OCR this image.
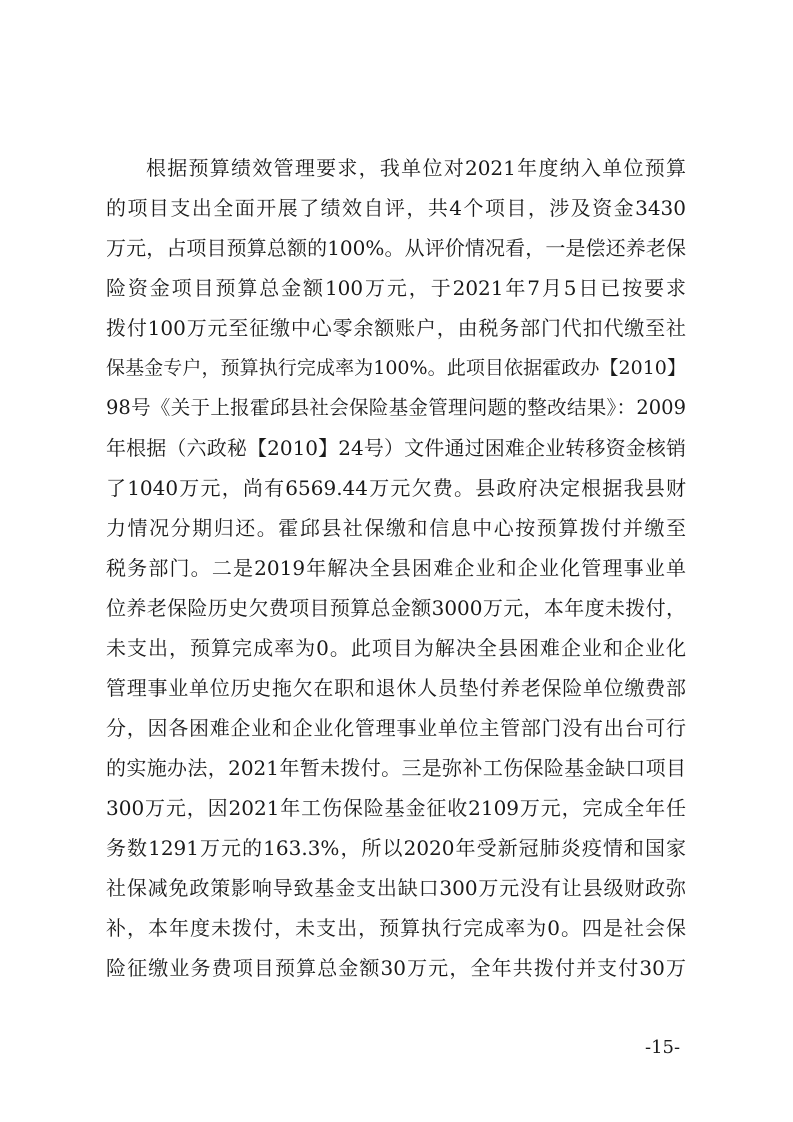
根据预算绩效管理要求，我单位对2021年度纳入单位预算
的项目支出全面开展了绩效自评，共4个项目，涉及资金3430
万元，占项目预算总额的100%。从评价情况看，一是偿还养老保
险资金项目预算总金额100万元，于2021年7月5日已按要求
拨付100万元至征缴中心零余额账户，由税务部门代扣代缴至社
保基金专户，预算执行完成率为100%。此项目依据霍政办【2010】
98号《关于上报霍邱县社会保险基金管理问题的整改结果》：2009
年根据（六政秘【2010】24号）文件通过困难企业转移资金核销
了1040万元，尚有6569.44万元欠费。县政府决定根据我县财
力情况分期归还。霍邱县社保缴和信息中心按预算拨付并缴至
税务部门。二是2019年解决全县困难企业和企业化管理事业单
位养老保险历史欠费项目预算总金额3000万元，本年度未拨付，
未支出，预算完成率为0。此项目为解决全县困难企业和企业化
管理事业单位历史拖欠在职和退休人员垫付养老保险单位缴费部
分，因各困难企业和企业化管理事业单位主管部门没有出台可行
的实施办法，2021年暂未拨付。三是弥补工伤保险基金缺口项目
300万元，因2021年工伤保险基金征收2109万元，完成全年任
务数1291万元的163.3%，所以2020年受新冠肺炎疫情和国家
社保减免政策影响导致基金支出缺口300万元没有让县级财政弥
补，本年度未拨付，未支出，预算执行完成率为0。四是社会保
险征缴业务费项目预算总金额30万元，全年共拨付并支付30万
-15-
